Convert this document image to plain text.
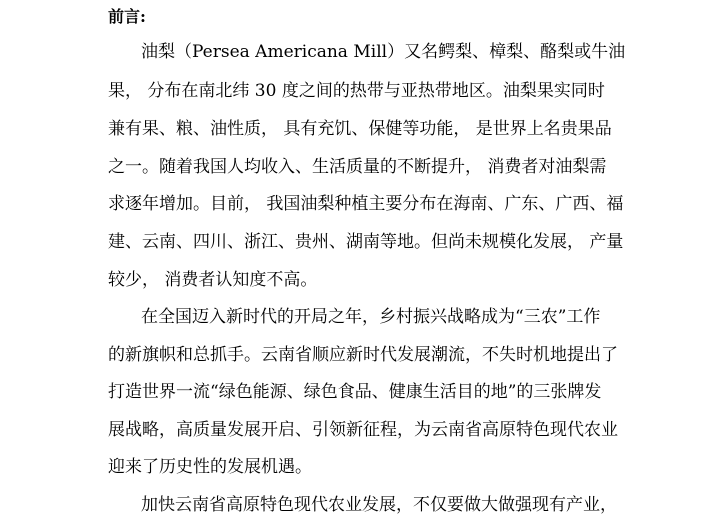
前言:

油梨（Persea Americana Mill）又名鳄梨、樟梨、酪梨或牛油

果， 分布在南北纬 30 度之间的热带与亚热带地区。油梨果实同时

兼有果、粮、油性质， 具有充饥、保健等功能， 是世界上名贵果品

之一。随着我国人均收入、生活质量的不断提升， 消费者对油梨需

求逐年增加。目前， 我国油梨种植主要分布在海南、广东、广西、福

建、云南、四川、浙江、贵州、湖南等地。但尚未规模化发展， 产量

较少， 消费者认知度不高。

在全国迈入新时代的开局之年，乡村振兴战略成为“三农”工作

的新旗帜和总抓手。云南省顺应新时代发展潮流，不失时机地提出了

打造世界一流“绿色能源、绿色食品、健康生活目的地”的三张牌发

展战略，高质量发展开启、引领新征程，为云南省高原特色现代农业

迎来了历史性的发展机遇。

加快云南省高原特色现代农业发展，不仅要做大做强现有产业，
